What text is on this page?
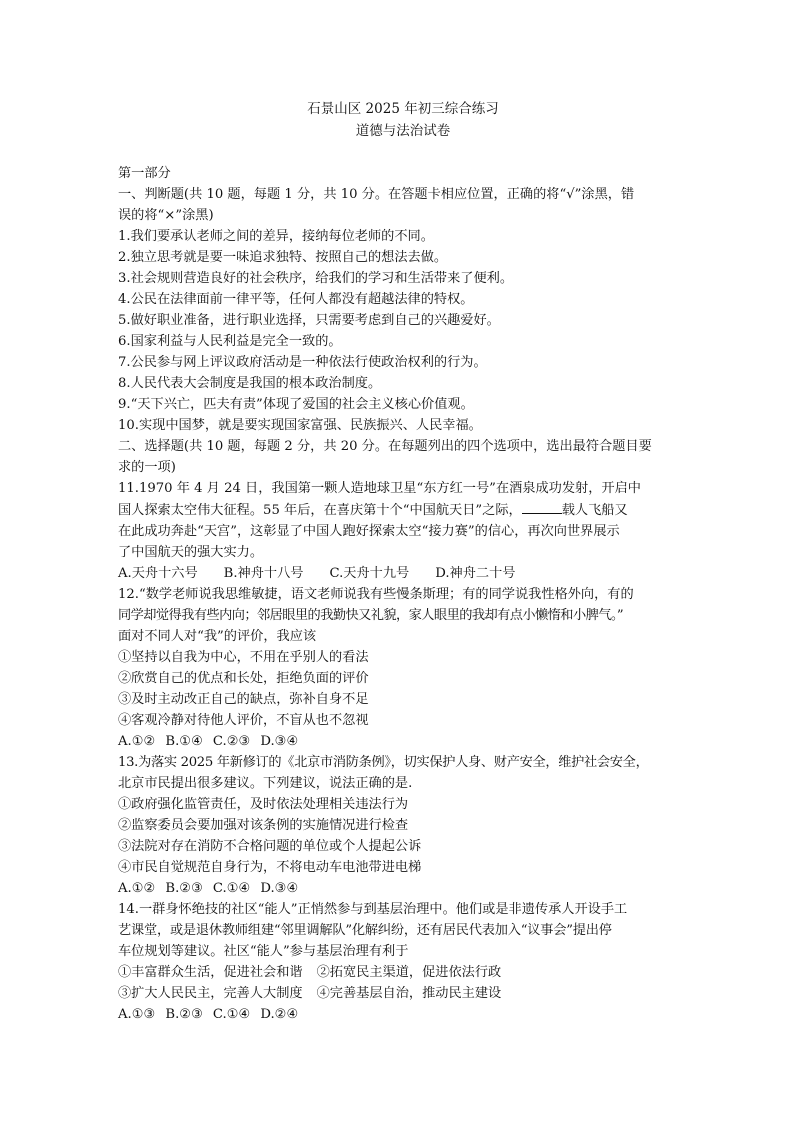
石景山区 2025 年初三综合练习

道德与法治试卷

第一部分

一、判断题(共 10 题，每题 1 分，共 10 分。在答题卡相应位置，正确的将“√”涂黑，错

误的将“×”涂黑)

1.我们要承认老师之间的差异，接纳每位老师的不同。

2.独立思考就是要一味追求独特、按照自己的想法去做。

3.社会规则营造良好的社会秩序，给我们的学习和生活带来了便利。

4.公民在法律面前一律平等，任何人都没有超越法律的特权。

5.做好职业准备，进行职业选择，只需要考虑到自己的兴趣爱好。

6.国家利益与人民利益是完全一致的。

7.公民参与网上评议政府活动是一种依法行使政治权利的行为。

8.人民代表大会制度是我国的根本政治制度。

9.“天下兴亡，匹夫有责”体现了爱国的社会主义核心价值观。

10.实现中国梦，就是要实现国家富强、民族振兴、人民幸福。

二、选择题(共 10 题，每题 2 分，共 20 分。在每题列出的四个选项中，选出最符合题目要

求的一项)

11.1970 年 4 月 24 日，我国第一颗人造地球卫星“东方红一号”在酒泉成功发射，开启中

国人探索太空伟大征程。55 年后，在喜庆第十个“中国航天日”之际，	载人飞船又

在此成功奔赴“天宫”，这彰显了中国人跑好探索太空“接力赛”的信心，再次向世界展示

了中国航天的强大实力。

A.天舟十六号 B.神舟十八号 C.天舟十九号 D.神舟二十号

12.“数学老师说我思维敏捷，语文老师说我有些慢条斯理；有的同学说我性格外向，有的

同学却觉得我有些内向；邻居眼里的我勤快又礼貌，家人眼里的我却有点小懒惰和小脾气。”

面对不同人对“我”的评价，我应该

①坚持以自我为中心，不用在乎别人的看法

②欣赏自己的优点和长处，拒绝负面的评价

③及时主动改正自己的缺点，弥补自身不足

④客观冷静对待他人评价，不盲从也不忽视

A.①② B.①④ C.②③ D.③④

13.为落实 2025 年新修订的《北京市消防条例》，切实保护人身、财产安全，维护社会安全，

北京市民提出很多建议。下列建议，说法正确的是.

①政府强化监管责任，及时依法处理相关违法行为

②监察委员会要加强对该条例的实施情况进行检查

③法院对存在消防不合格问题的单位或个人提起公诉

④市民自觉规范自身行为，不将电动车电池带进电梯

A.①② B.②③ C.①④ D.③④

14.一群身怀绝技的社区“能人”正悄然参与到基层治理中。他们或是非遗传承人开设手工

艺课堂，或是退休教师组建“邻里调解队”化解纠纷，还有居民代表加入“议事会”提出停

车位规划等建议。社区“能人”参与基层治理有利于

①丰富群众生活，促进社会和谐 ②拓宽民主渠道，促进依法行政

③扩大人民民主，完善人大制度 ④完善基层自治，推动民主建设

A.①③ B.②③ C.①④ D.②④
